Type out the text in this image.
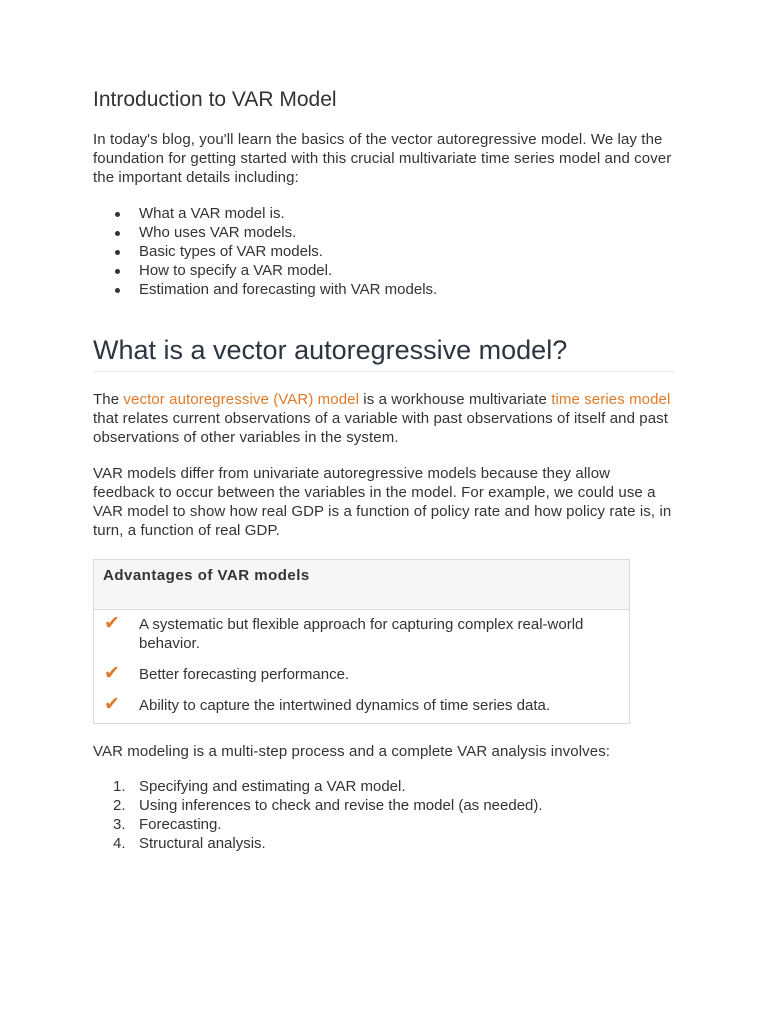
Introduction to VAR Model

In today's blog, you'll learn the basics of the vector autoregressive model. We lay the foundation for getting started with this crucial multivariate time series model and cover the important details including:

What a VAR model is.
Who uses VAR models.
Basic types of VAR models.
How to specify a VAR model.
Estimation and forecasting with VAR models.
What is a vector autoregressive model?

The vector autoregressive (VAR) model is a workhouse multivariate time series model that relates current observations of a variable with past observations of itself and past observations of other variables in the system.

VAR models differ from univariate autoregressive models because they allow feedback to occur between the variables in the model. For example, we could use a VAR model to show how real GDP is a function of policy rate and how policy rate is, in turn, a function of real GDP.

Advantages of VAR models
✔ A systematic but flexible approach for capturing complex real-world behavior.
✔ Better forecasting performance.
✔ Ability to capture the intertwined dynamics of time series data.

VAR modeling is a multi-step process and a complete VAR analysis involves:

1. Specifying and estimating a VAR model.
2. Using inferences to check and revise the model (as needed).
3. Forecasting.
4. Structural analysis.
